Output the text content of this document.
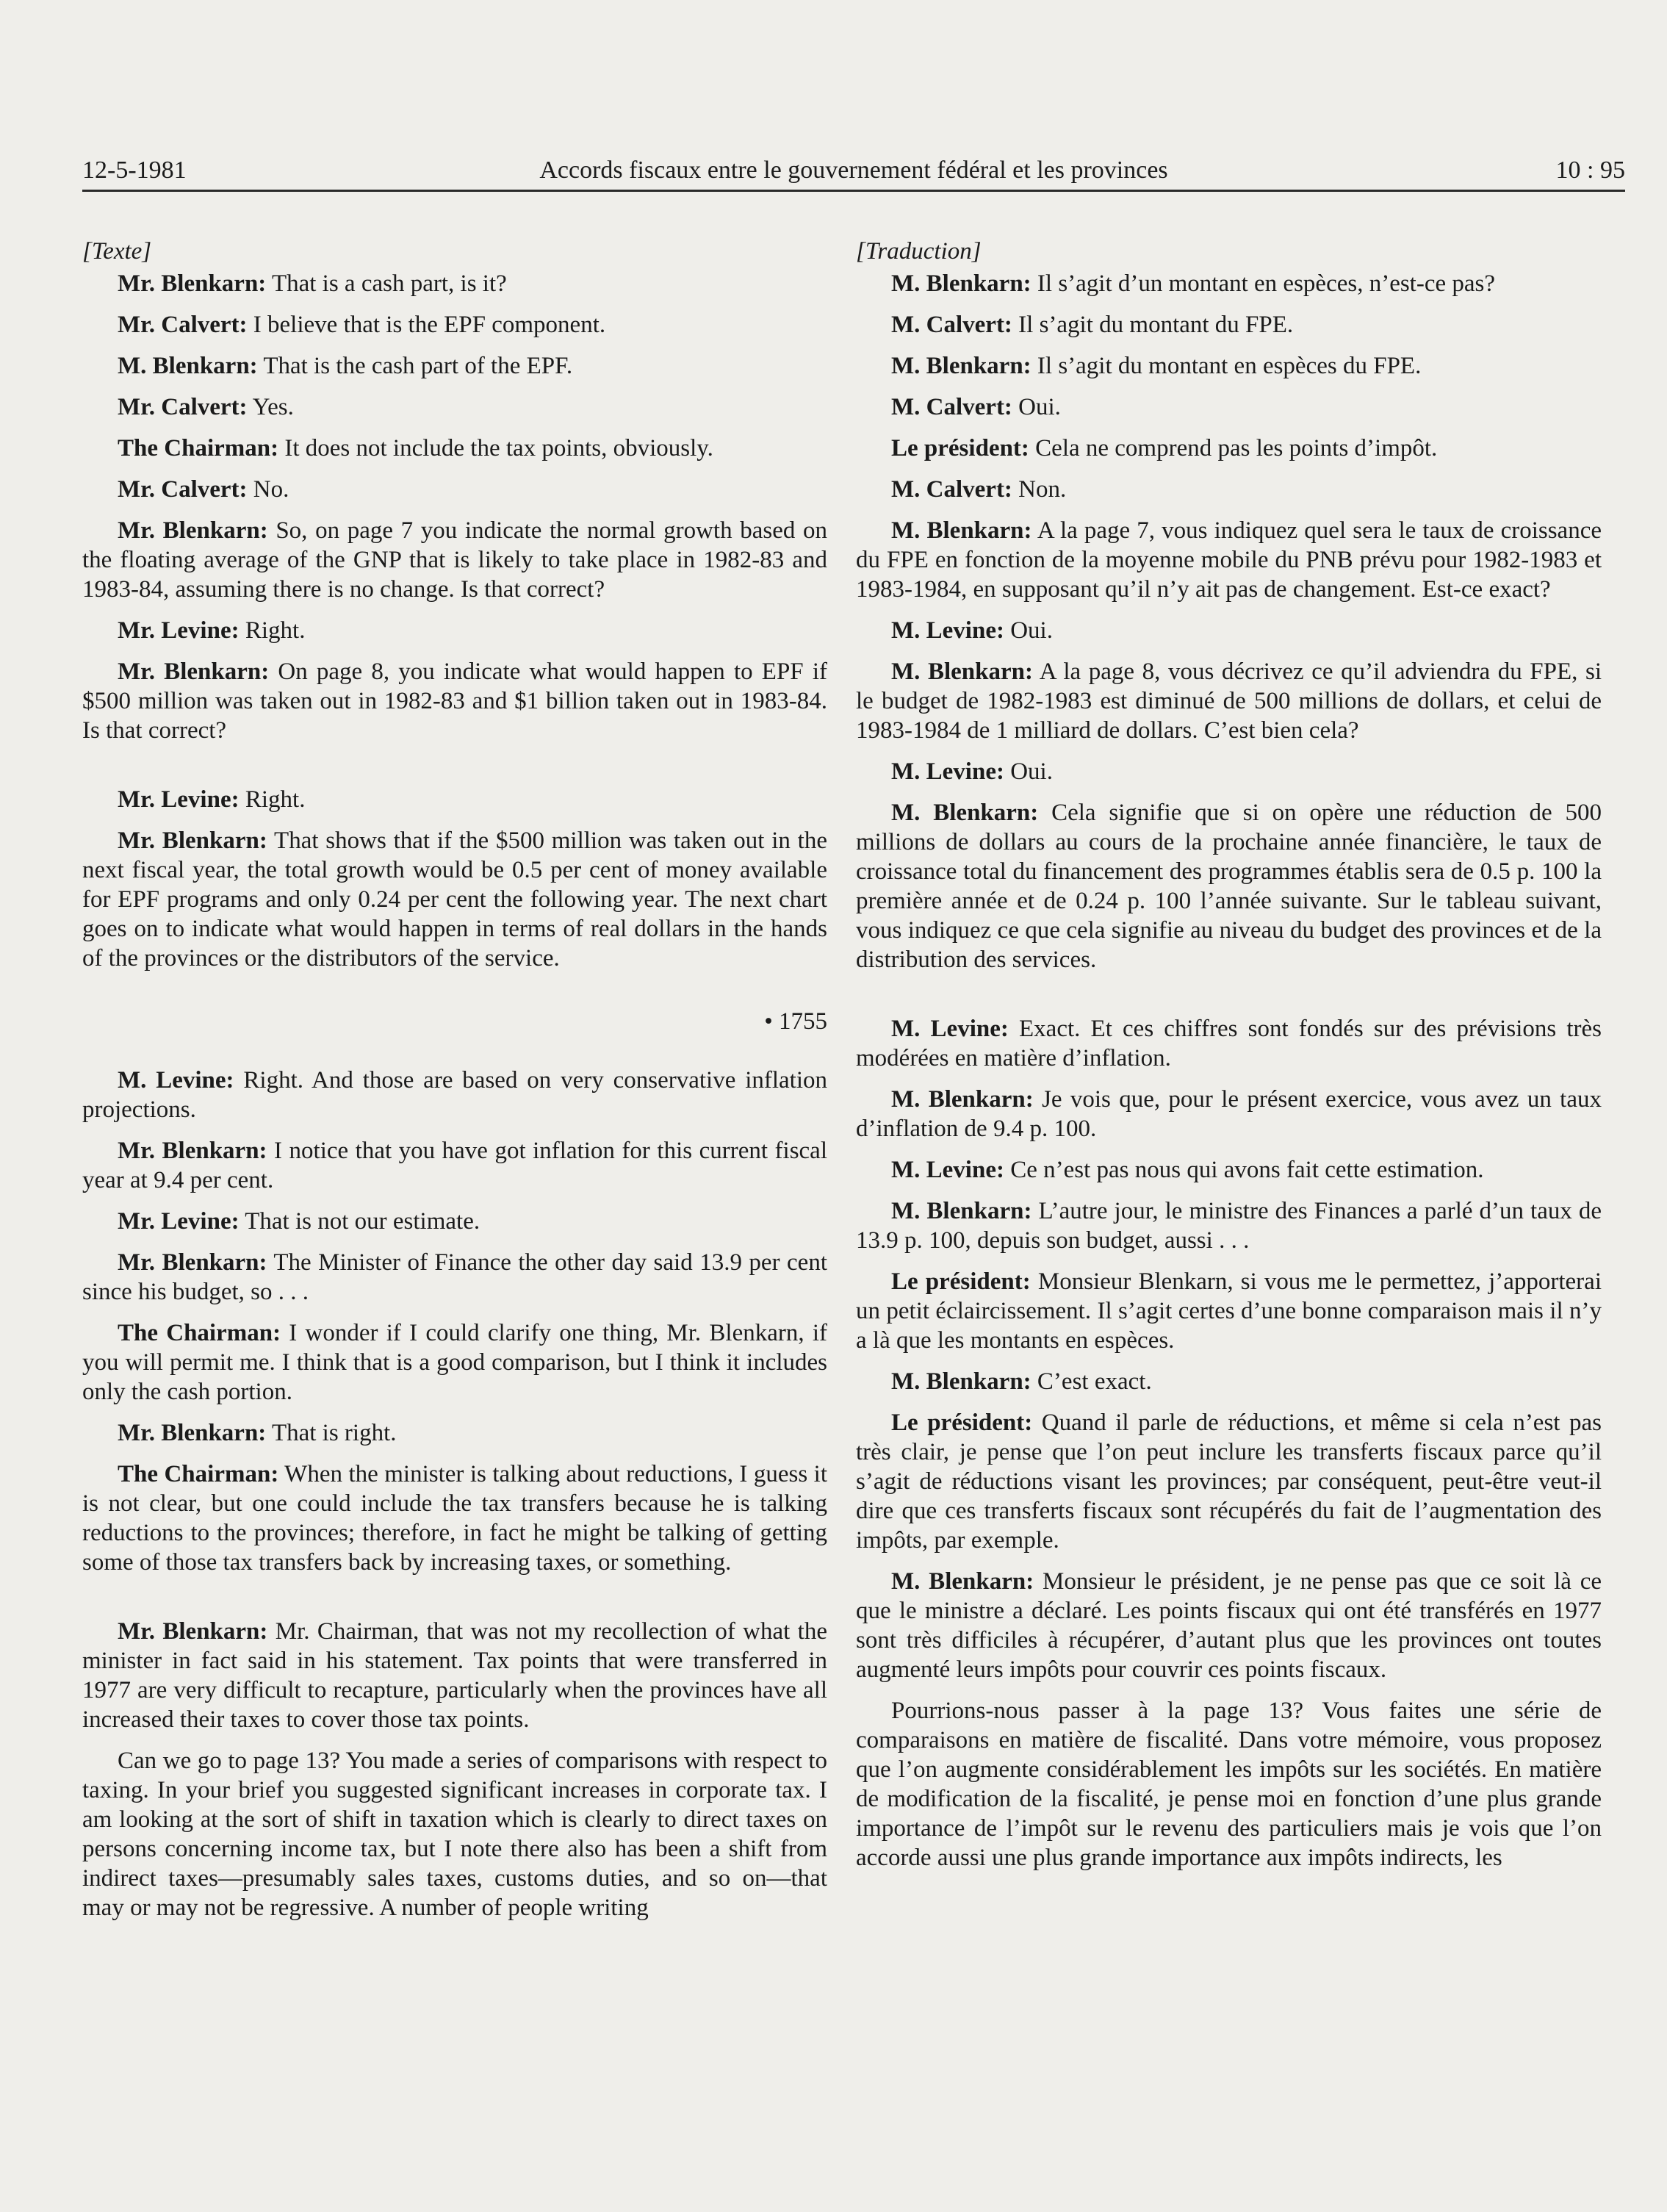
12-5-1981	Accords fiscaux entre le gouvernement fédéral et les provinces	10 : 95
[Texte]

Mr. Blenkarn: That is a cash part, is it?

Mr. Calvert: I believe that is the EPF component.

M. Blenkarn: That is the cash part of the EPF.

Mr. Calvert: Yes.

The Chairman: It does not include the tax points, obviously.

Mr. Calvert: No.

Mr. Blenkarn: So, on page 7 you indicate the normal growth based on the floating average of the GNP that is likely to take place in 1982-83 and 1983-84, assuming there is no change. Is that correct?

Mr. Levine: Right.

Mr. Blenkarn: On page 8, you indicate what would happen to EPF if $500 million was taken out in 1982-83 and $1 billion taken out in 1983-84. Is that correct?

Mr. Levine: Right.

Mr. Blenkarn: That shows that if the $500 million was taken out in the next fiscal year, the total growth would be 0.5 per cent of money available for EPF programs and only 0.24 per cent the following year. The next chart goes on to indicate what would happen in terms of real dollars in the hands of the provinces or the distributors of the service.

• 1755

M. Levine: Right. And those are based on very conservative inflation projections.

Mr. Blenkarn: I notice that you have got inflation for this current fiscal year at 9.4 per cent.

Mr. Levine: That is not our estimate.

Mr. Blenkarn: The Minister of Finance the other day said 13.9 per cent since his budget, so . . .

The Chairman: I wonder if I could clarify one thing, Mr. Blenkarn, if you will permit me. I think that is a good comparison, but I think it includes only the cash portion.

Mr. Blenkarn: That is right.

The Chairman: When the minister is talking about reductions, I guess it is not clear, but one could include the tax transfers because he is talking reductions to the provinces; therefore, in fact he might be talking of getting some of those tax transfers back by increasing taxes, or something.

Mr. Blenkarn: Mr. Chairman, that was not my recollection of what the minister in fact said in his statement. Tax points that were transferred in 1977 are very difficult to recapture, particularly when the provinces have all increased their taxes to cover those tax points.

Can we go to page 13? You made a series of comparisons with respect to taxing. In your brief you suggested significant increases in corporate tax. I am looking at the sort of shift in taxation which is clearly to direct taxes on persons concerning income tax, but I note there also has been a shift from indirect taxes—presumably sales taxes, customs duties, and so on—that may or may not be regressive. A number of people writing

[Traduction]

M. Blenkarn: Il s’agit d’un montant en espèces, n’est-ce pas?

M. Calvert: Il s’agit du montant du FPE.

M. Blenkarn: Il s’agit du montant en espèces du FPE.

M. Calvert: Oui.

Le président: Cela ne comprend pas les points d’impôt.

M. Calvert: Non.

M. Blenkarn: A la page 7, vous indiquez quel sera le taux de croissance du FPE en fonction de la moyenne mobile du PNB prévu pour 1982-1983 et 1983-1984, en supposant qu’il n’y ait pas de changement. Est-ce exact?

M. Levine: Oui.

M. Blenkarn: A la page 8, vous décrivez ce qu’il adviendra du FPE, si le budget de 1982-1983 est diminué de 500 millions de dollars, et celui de 1983-1984 de 1 milliard de dollars. C’est bien cela?

M. Levine: Oui.

M. Blenkarn: Cela signifie que si on opère une réduction de 500 millions de dollars au cours de la prochaine année financière, le taux de croissance total du financement des programmes établis sera de 0.5 p. 100 la première année et de 0.24 p. 100 l’année suivante. Sur le tableau suivant, vous indiquez ce que cela signifie au niveau du budget des provinces et de la distribution des services.

M. Levine: Exact. Et ces chiffres sont fondés sur des prévisions très modérées en matière d’inflation.

M. Blenkarn: Je vois que, pour le présent exercice, vous avez un taux d’inflation de 9.4 p. 100.

M. Levine: Ce n’est pas nous qui avons fait cette estimation.

M. Blenkarn: L’autre jour, le ministre des Finances a parlé d’un taux de 13.9 p. 100, depuis son budget, aussi . . .

Le président: Monsieur Blenkarn, si vous me le permettez, j’apporterai un petit éclaircissement. Il s’agit certes d’une bonne comparaison mais il n’y a là que les montants en espèces.

M. Blenkarn: C’est exact.

Le président: Quand il parle de réductions, et même si cela n’est pas très clair, je pense que l’on peut inclure les transferts fiscaux parce qu’il s’agit de réductions visant les provinces; par conséquent, peut-être veut-il dire que ces transferts fiscaux sont récupérés du fait de l’augmentation des impôts, par exemple.

M. Blenkarn: Monsieur le président, je ne pense pas que ce soit là ce que le ministre a déclaré. Les points fiscaux qui ont été transférés en 1977 sont très difficiles à récupérer, d’autant plus que les provinces ont toutes augmenté leurs impôts pour couvrir ces points fiscaux.

Pourrions-nous passer à la page 13? Vous faites une série de comparaisons en matière de fiscalité. Dans votre mémoire, vous proposez que l’on augmente considérablement les impôts sur les sociétés. En matière de modification de la fiscalité, je pense moi en fonction d’une plus grande importance de l’impôt sur le revenu des particuliers mais je vois que l’on accorde aussi une plus grande importance aux impôts indirects, les
